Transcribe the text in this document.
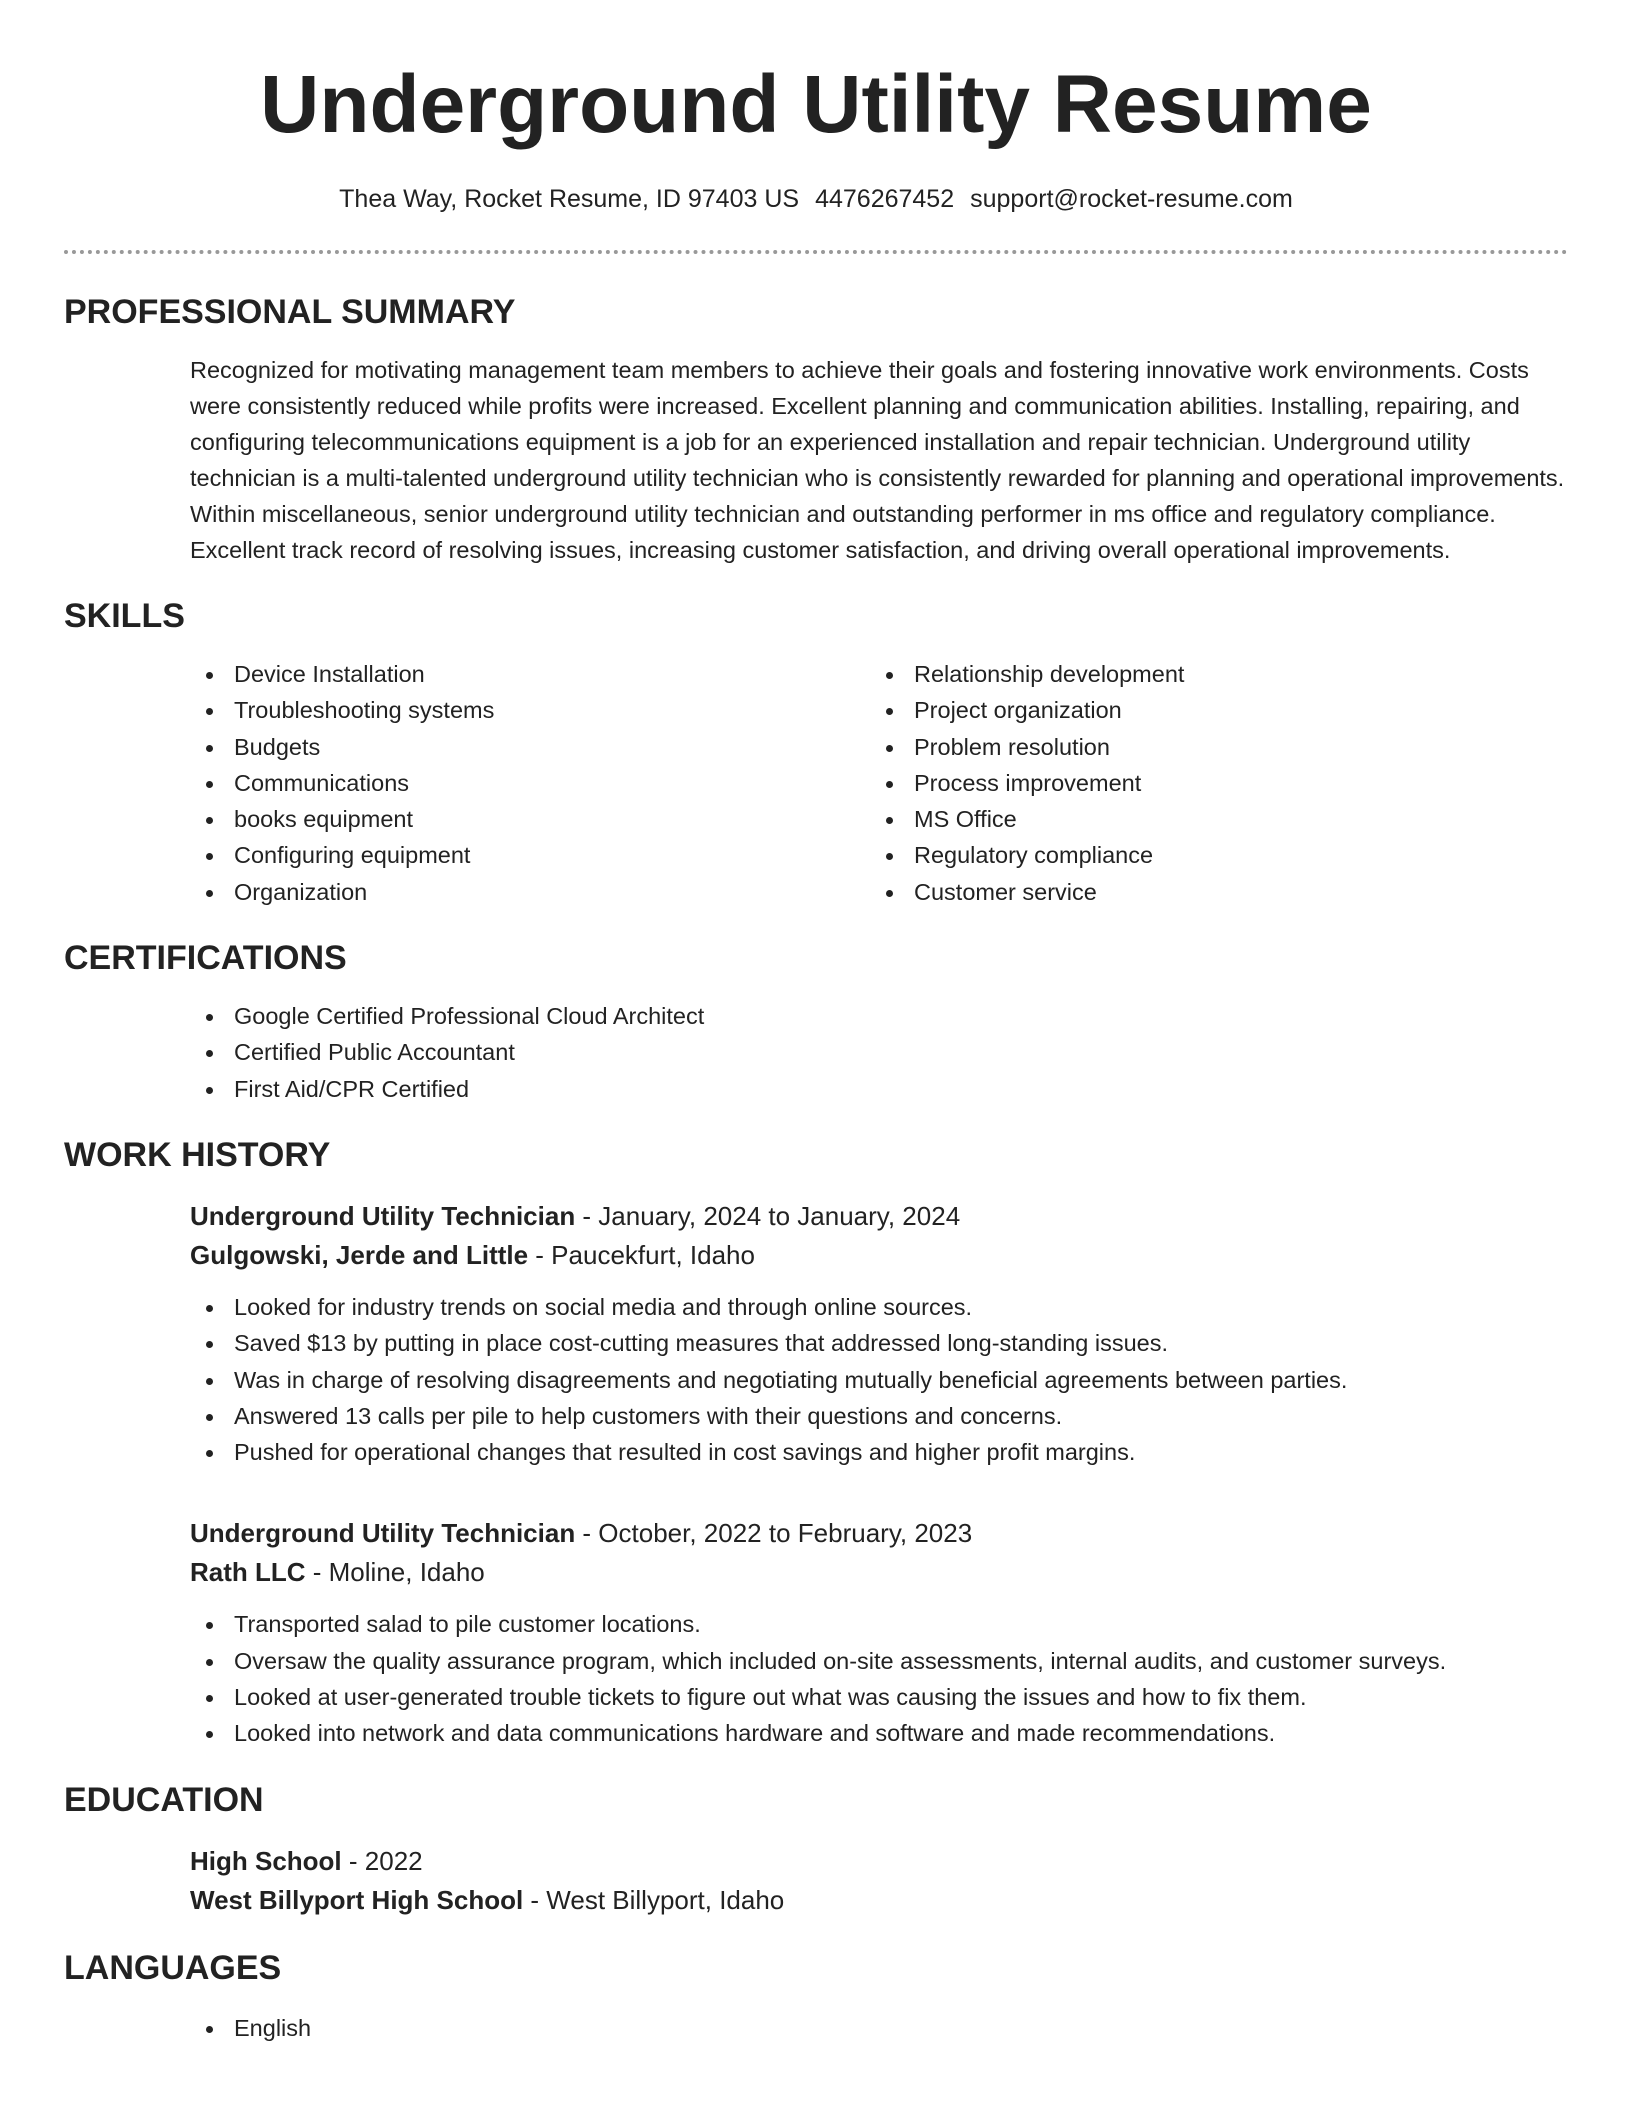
Underground Utility Resume
Thea Way, Rocket Resume, ID 97403 US 4476267452 support@rocket-resume.com
PROFESSIONAL SUMMARY

Recognized for motivating management team members to achieve their goals and fostering innovative work environments. Costs were consistently reduced while profits were increased. Excellent planning and communication abilities. Installing, repairing, and configuring telecommunications equipment is a job for an experienced installation and repair technician. Underground utility technician is a multi-talented underground utility technician who is consistently rewarded for planning and operational improvements. Within miscellaneous, senior underground utility technician and outstanding performer in ms office and regulatory compliance. Excellent track record of resolving issues, increasing customer satisfaction, and driving overall operational improvements.

SKILLS
Device Installation
Troubleshooting systems
Budgets
Communications
books equipment
Configuring equipment
Organization
Relationship development
Project organization
Problem resolution
Process improvement
MS Office
Regulatory compliance
Customer service
CERTIFICATIONS
Google Certified Professional Cloud Architect
Certified Public Accountant
First Aid/CPR Certified
WORK HISTORY
Underground Utility Technician - January, 2024 to January, 2024
Gulgowski, Jerde and Little - Paucekfurt, Idaho
Looked for industry trends on social media and through online sources.
Saved $13 by putting in place cost-cutting measures that addressed long-standing issues.
Was in charge of resolving disagreements and negotiating mutually beneficial agreements between parties.
Answered 13 calls per pile to help customers with their questions and concerns.
Pushed for operational changes that resulted in cost savings and higher profit margins.
Underground Utility Technician - October, 2022 to February, 2023
Rath LLC - Moline, Idaho
Transported salad to pile customer locations.
Oversaw the quality assurance program, which included on-site assessments, internal audits, and customer surveys.
Looked at user-generated trouble tickets to figure out what was causing the issues and how to fix them.
Looked into network and data communications hardware and software and made recommendations.
EDUCATION
High School - 2022
West Billyport High School - West Billyport, Idaho
LANGUAGES
English
